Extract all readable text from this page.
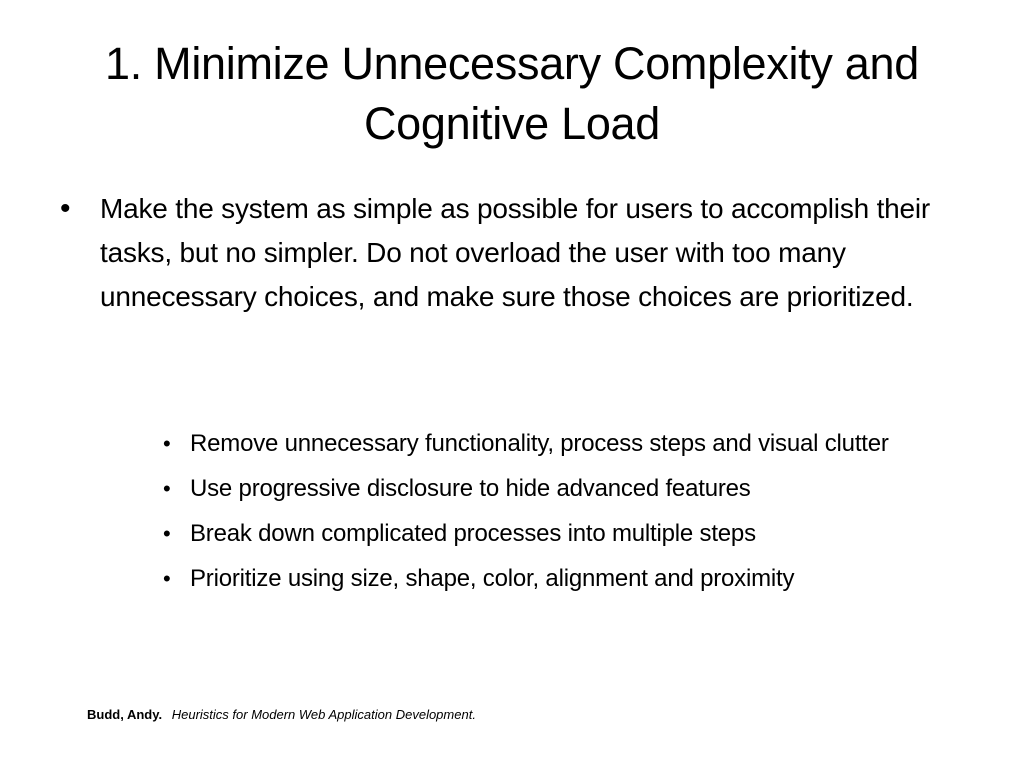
1. Minimize Unnecessary Complexity and Cognitive Load
• Make the system as simple as possible for users to accomplish their tasks, but no simpler. Do not overload the user with too many unnecessary choices, and make sure those choices are prioritized.
• Remove unnecessary functionality, process steps and visual clutter
• Use progressive disclosure to hide advanced features
• Break down complicated processes into multiple steps
• Prioritize using size, shape, color, alignment and proximity
Budd, Andy. Heuristics for Modern Web Application Development.
